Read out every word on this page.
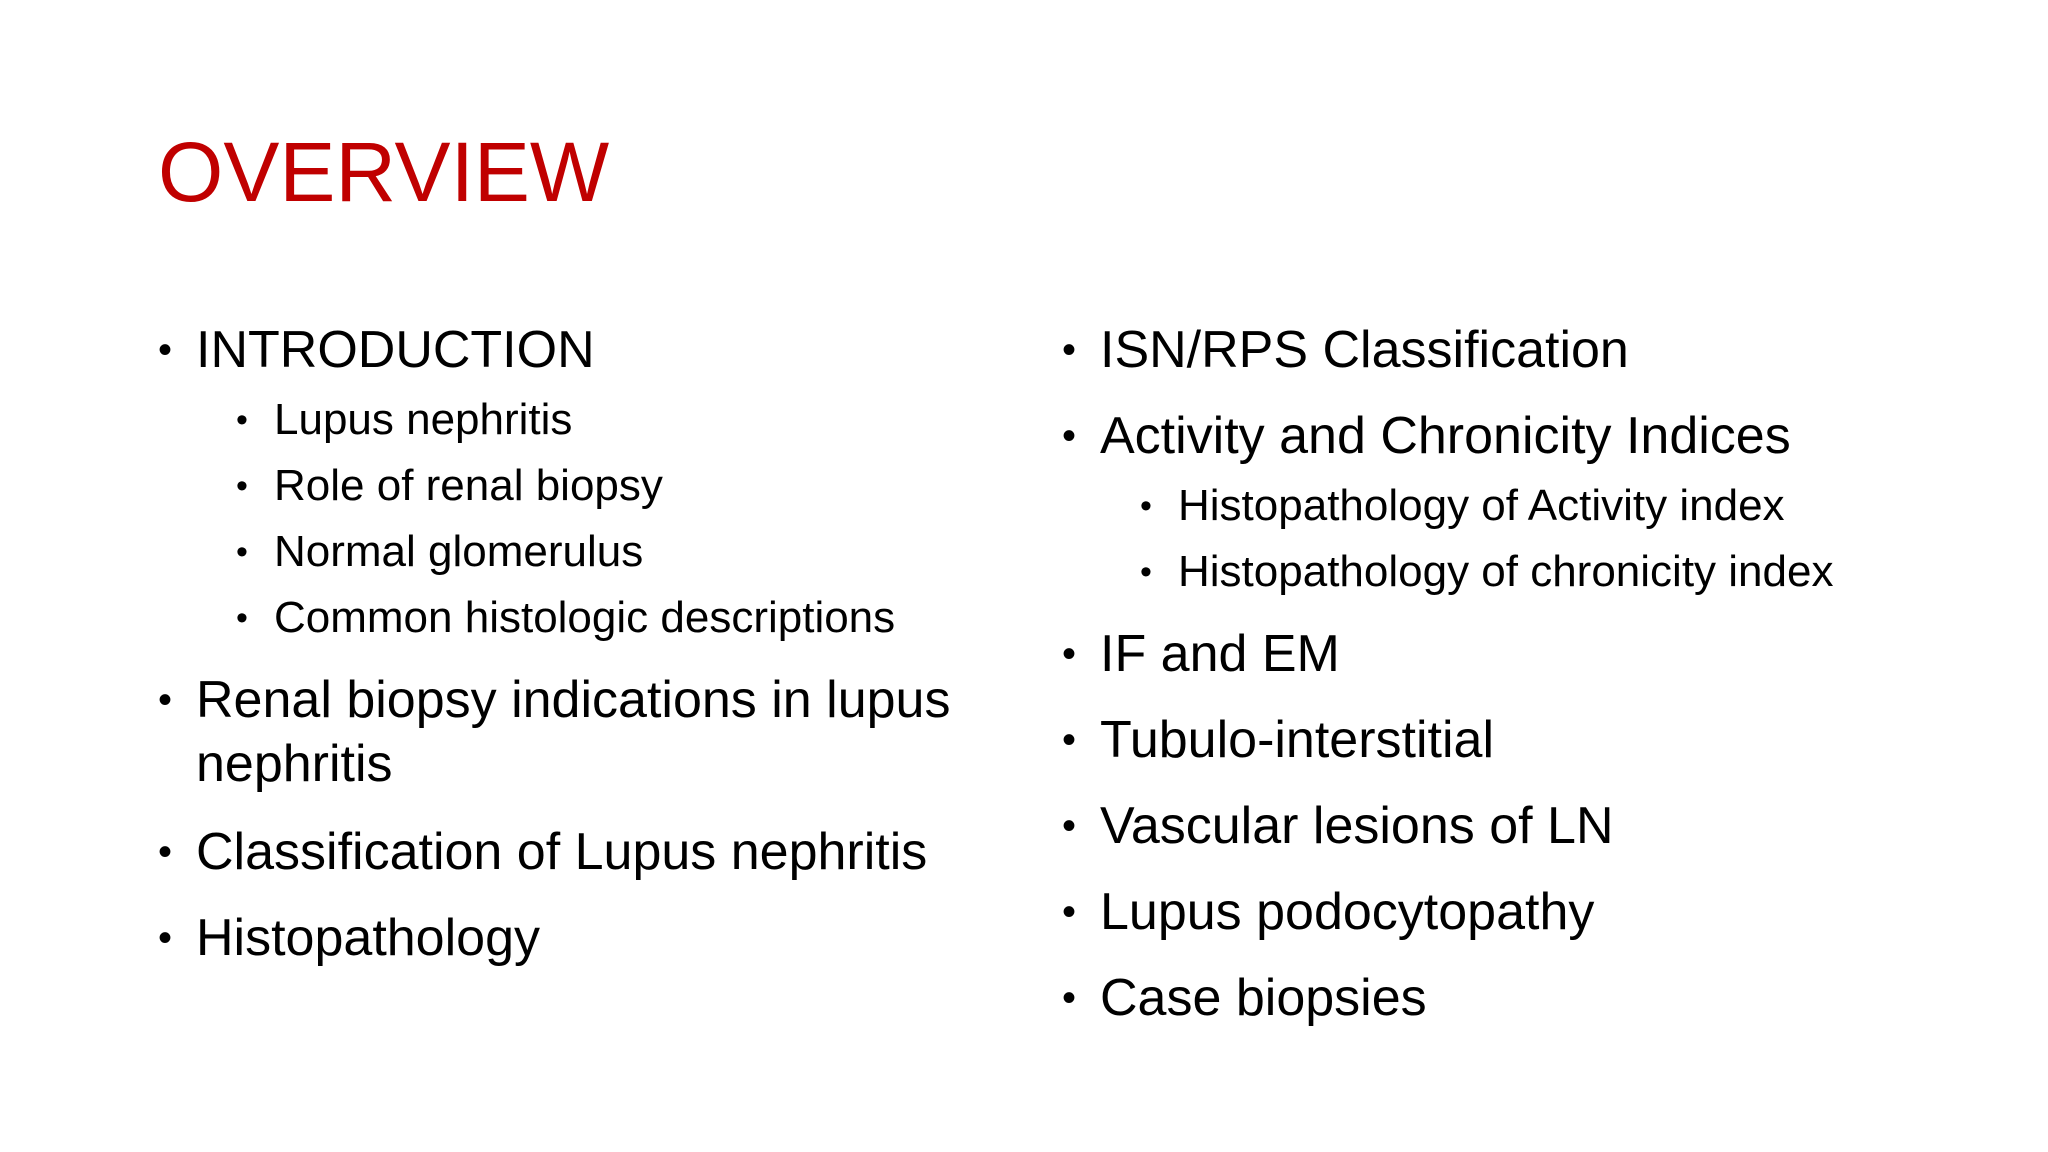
OVERVIEW
• INTRODUCTION
• Lupus nephritis
• Role of renal biopsy
• Normal glomerulus
• Common histologic descriptions
• Renal biopsy indications in lupus
nephritis
• Classification of Lupus nephritis
• Histopathology
• ISN/RPS Classification
• Activity and Chronicity Indices
• Histopathology of Activity index
• Histopathology of chronicity index
• IF and EM
• Tubulo-interstitial
• Vascular lesions of LN
• Lupus podocytopathy
• Case biopsies
